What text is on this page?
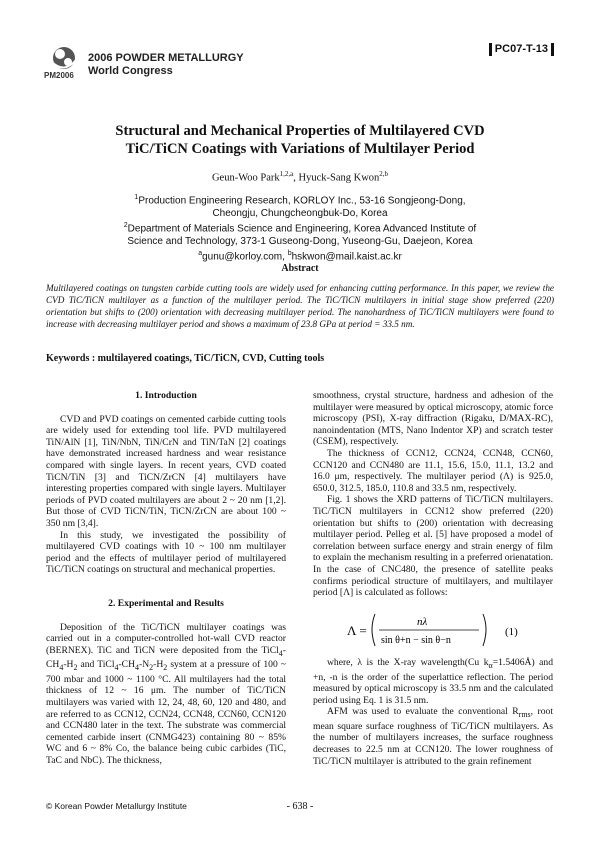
PM2006
2006 POWDER METALLURGY
World Congress
PC07-T-13
Structural and Mechanical Properties of Multilayered CVD
TiC/TiCN Coatings with Variations of Multilayer Period
Geun-Woo Park$^{1,2,a}$, Hyuck-Sang Kwon$^{2,b}$
$^1$Production Engineering Research, KORLOY Inc., 53-16 Songjeong-Dong,
Cheongju, Chungcheongbuk-Do, Korea
$^2$Department of Materials Science and Engineering, Korea Advanced Institute of
Science and Technology, 373-1 Guseong-Dong, Yuseong-Gu, Daejeon, Korea
$^a$gunu@korloy.com, $^b$hskwon@mail.kaist.ac.kr
Abstract
Multilayered coatings on tungsten carbide cutting tools are widely used for enhancing cutting performance. In this paper, we review the CVD TiC/TiCN multilayer as a function of the multilayer period. The TiC/TiCN multilayers in initial stage show preferred (220) orientation but shifts to (200) orientation with decreasing multilayer period. The nanohardness of TiC/TiCN multilayers were found to increase with decreasing multilayer period and shows a maximum of 23.8 GPa at period = 33.5 nm.
Keywords : multilayered coatings, TiC/TiCN, CVD, Cutting tools
1. Introduction

CVD and PVD coatings on cemented carbide cutting tools are widely used for extending tool life. PVD multilayered TiN/AlN [1], TiN/NbN, TiN/CrN and TiN/TaN [2] coatings have demonstrated increased hardness and wear resistance compared with single layers. In recent years, CVD coated TiCN/TiN [3] and TiCN/ZrCN [4] multilayers have interesting properties compared with single layers. Multilayer periods of PVD coated multilayers are about 2 ~ 20 nm [1,2]. But those of CVD TiCN/TiN, TiCN/ZrCN are about 100 ~ 350 nm [3,4].

In this study, we investigated the possibility of multilayered CVD coatings with 10 ~ 100 nm multilayer period and the effects of multilayer period of multilayered TiC/TiCN coatings on structural and mechanical properties.

2. Experimental and Results

Deposition of the TiC/TiCN multilayer coatings was carried out in a computer-controlled hot-wall CVD reactor (BERNEX). TiC and TiCN were deposited from the $TiCl_4-CH_4-H_2$ and $TiCl_4-CH_4-N_2-H_2$ system at a pressure of 100 ~ 700 mbar and 1000 ~ 1100 °C. All multilayers had the total thickness of 12 ~ 16 μm. The number of TiC/TiCN multilayers was varied with 12, 24, 48, 60, 120 and 480, and are referred to as CCN12, CCN24, CCN48, CCN60, CCN120 and CCN480 later in the text. The substrate was commercial cemented carbide insert (CNMG423) containing 80 ~ 85% WC and 6 ~ 8% Co, the balance being cubic carbides (TiC, TaC and NbC). The thickness,

smoothness, crystal structure, hardness and adhesion of the multilayer were measured by optical microscopy, atomic force microscopy (PSI), X-ray diffraction (Rigaku, D/MAX-RC), nanoindentation (MTS, Nano Indentor XP) and scratch tester (CSEM), respectively.

The thickness of CCN12, CCN24, CCN48, CCN60, CCN120 and CCN480 are 11.1, 15.6, 15.0, 11.1, 13.2 and 16.0 μm, respectively. The multilayer period (Λ) is 925.0, 650.0, 312.5, 185.0, 110.8 and 33.5 nm, respectively.

Fig. 1 shows the XRD patterns of TiC/TiCN multilayers. TiC/TiCN multilayers in CCN12 show preferred (220) orientation but shifts to (200) orientation with decreasing multilayer period. Pelleg et al. [5] have proposed a model of correlation between surface energy and strain energy of film to explain the mechanism resulting in a preferred orienatation. In the case of CNC480, the presence of satellite peaks confirms periodical structure of multilayers, and multilayer period [Λ] is calculated as follows:

Λ =
nλ
sin θ+n − sin θ−n
(1)

where, λ is the X-ray wavelength(Cu $k_\alpha=1.5406Å$) and +n, -n is the order of the superlattice reflection. The period measured by optical microscopy is 33.5 nm and the calculated period using Eq. 1 is 31.5 nm.

AFM was used to evaluate the conventional $R_{rms}$, root mean square surface roughness of TiC/TiCN multilayers. As the number of multilayers increases, the surface roughness decreases to 22.5 nm at CCN120. The lower roughness of TiC/TiCN multilayer is attributed to the grain refinement

© Korean Powder Metallurgy Institute	- 638 -
